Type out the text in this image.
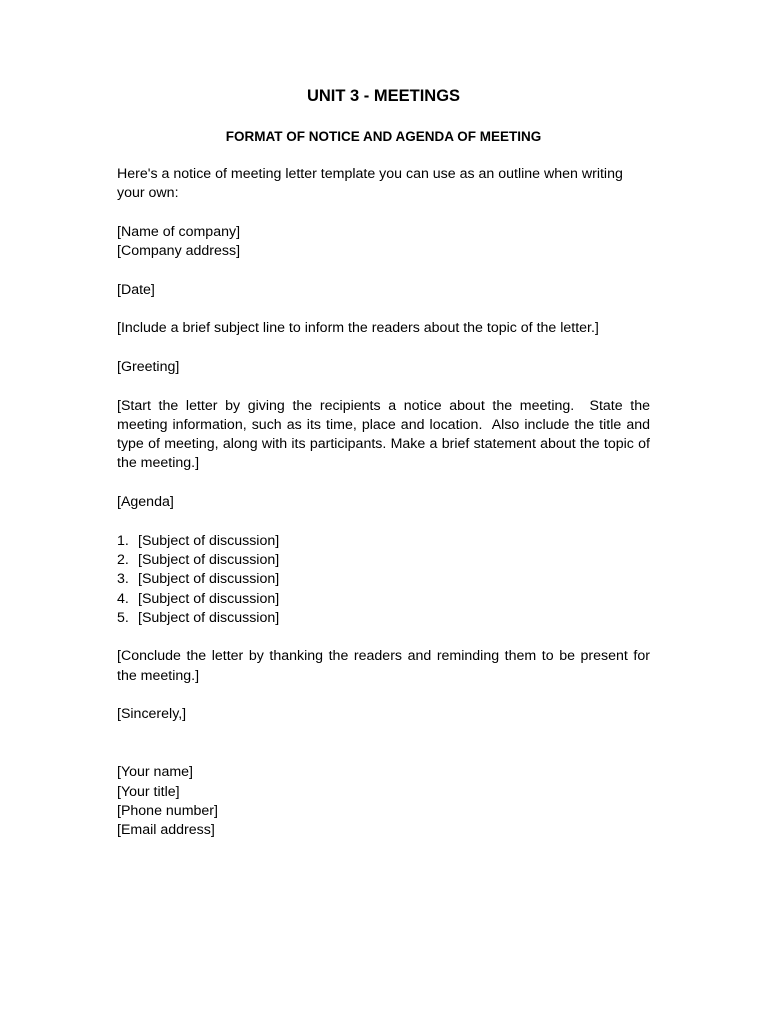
UNIT 3 - MEETINGS
FORMAT OF NOTICE AND AGENDA OF MEETING

Here's a notice of meeting letter template you can use as an outline when writing your own:

[Name of company]
[Company address]

[Date]

[Include a brief subject line to inform the readers about the topic of the letter.]

[Greeting]

[Start the letter by giving the recipients a notice about the meeting.  State the meeting information, such as its time, place and location.  Also include the title and type of meeting, along with its participants. Make a brief statement about the topic of the meeting.]

[Agenda]

1. [Subject of discussion]
2. [Subject of discussion]
3. [Subject of discussion]
4. [Subject of discussion]
5. [Subject of discussion]

[Conclude the letter by thanking the readers and reminding them to be present for the meeting.]

[Sincerely,]

[Your name]
[Your title]
[Phone number]
[Email address]
